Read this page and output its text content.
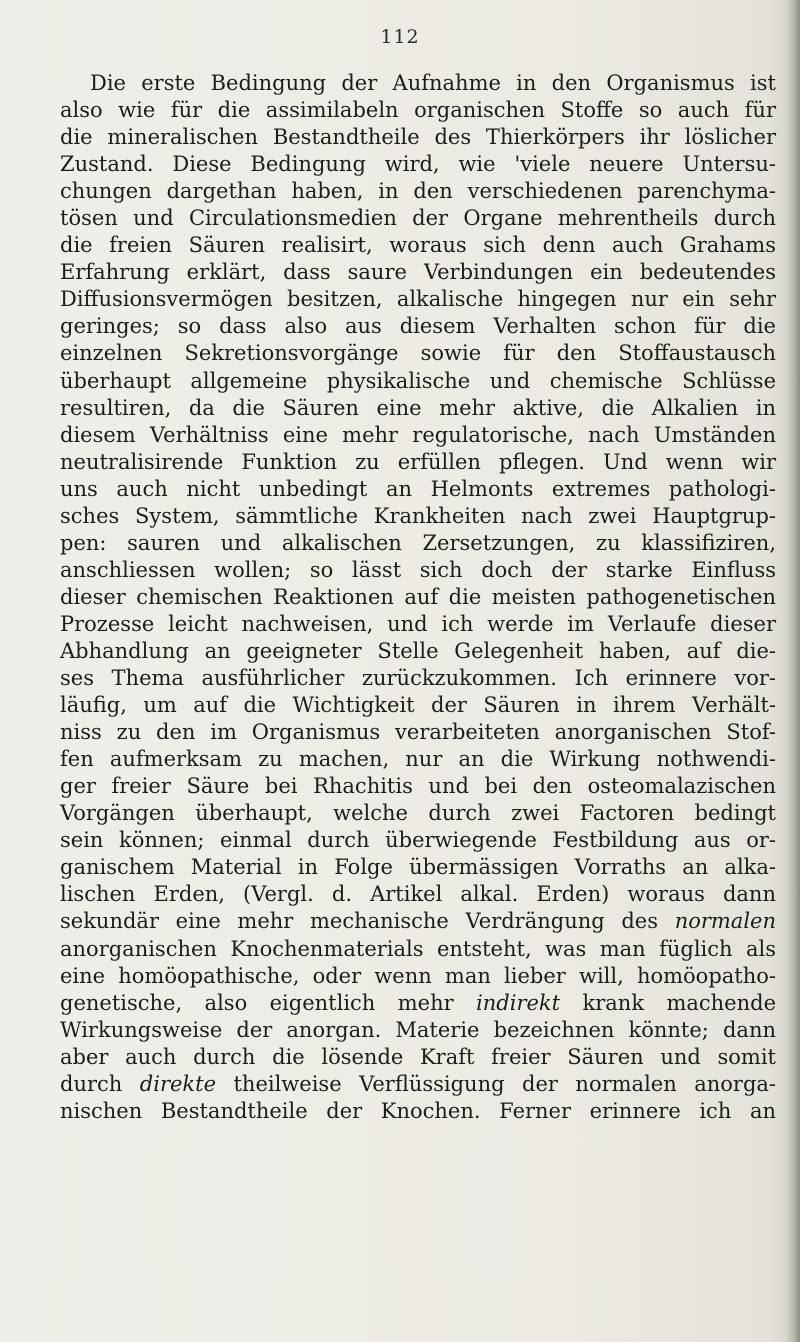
112
Die erste Bedingung der Aufnahme in den Organismus ist
also wie für die assimilabeln organischen Stoffe so auch für
die mineralischen Bestandtheile des Thierkörpers ihr löslicher
Zustand. Diese Bedingung wird, wie 'viele neuere Untersu-
chungen dargethan haben, in den verschiedenen parenchyma-
tösen und Circulationsmedien der Organe mehrentheils durch
die freien Säuren realisirt, woraus sich denn auch Grahams
Erfahrung erklärt, dass saure Verbindungen ein bedeutendes
Diffusionsvermögen besitzen, alkalische hingegen nur ein sehr
geringes; so dass also aus diesem Verhalten schon für die
einzelnen Sekretionsvorgänge sowie für den Stoffaustausch
überhaupt allgemeine physikalische und chemische Schlüsse
resultiren, da die Säuren eine mehr aktive, die Alkalien in
diesem Verhältniss eine mehr regulatorische, nach Umständen
neutralisirende Funktion zu erfüllen pflegen. Und wenn wir
uns auch nicht unbedingt an Helmonts extremes pathologi-
sches System, sämmtliche Krankheiten nach zwei Hauptgrup-
pen: sauren und alkalischen Zersetzungen, zu klassifiziren,
anschliessen wollen; so lässt sich doch der starke Einfluss
dieser chemischen Reaktionen auf die meisten pathogenetischen
Prozesse leicht nachweisen, und ich werde im Verlaufe dieser
Abhandlung an geeigneter Stelle Gelegenheit haben, auf die-
ses Thema ausführlicher zurückzukommen. Ich erinnere vor-
läufig, um auf die Wichtigkeit der Säuren in ihrem Verhält-
niss zu den im Organismus verarbeiteten anorganischen Stof-
fen aufmerksam zu machen, nur an die Wirkung nothwendi-
ger freier Säure bei Rhachitis und bei den osteomalazischen
Vorgängen überhaupt, welche durch zwei Factoren bedingt
sein können; einmal durch überwiegende Festbildung aus or-
ganischem Material in Folge übermässigen Vorraths an alka-
lischen Erden, (Vergl. d. Artikel alkal. Erden) woraus dann
sekundär eine mehr mechanische Verdrängung des normalen
anorganischen Knochenmaterials entsteht, was man füglich als
eine homöopathische, oder wenn man lieber will, homöopatho-
genetische, also eigentlich mehr indirekt krank machende
Wirkungsweise der anorgan. Materie bezeichnen könnte; dann
aber auch durch die lösende Kraft freier Säuren und somit
durch direkte theilweise Verflüssigung der normalen anorga-
nischen Bestandtheile der Knochen. Ferner erinnere ich an
